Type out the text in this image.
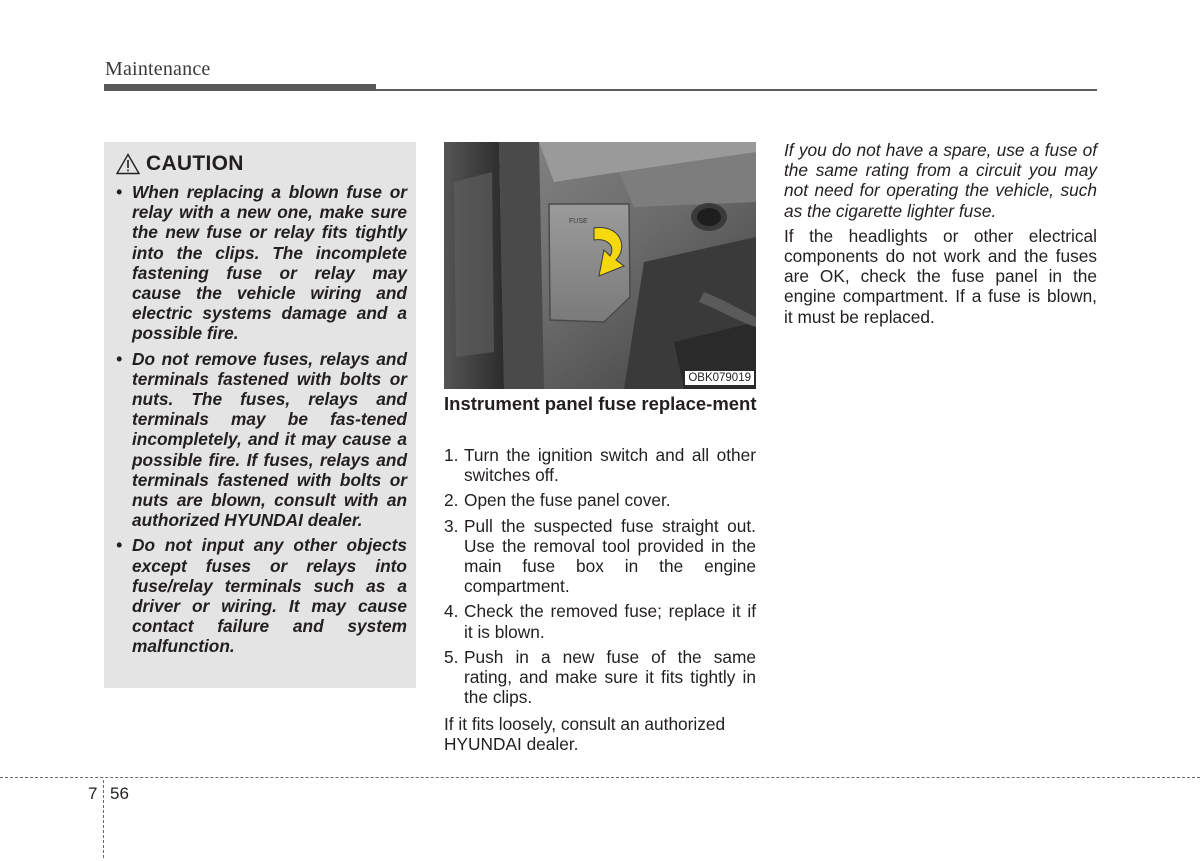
Maintenance
CAUTION
• When replacing a blown fuse or relay with a new one, make sure the new fuse or relay fits tightly into the clips. The incomplete fastening fuse or relay may cause the vehicle wiring and electric systems damage and a possible fire.
• Do not remove fuses, relays and terminals fastened with bolts or nuts. The fuses, relays and terminals may be fas-tened incompletely, and it may cause a possible fire. If fuses, relays and terminals fastened with bolts or nuts are blown, consult with an authorized HYUNDAI dealer.
• Do not input any other objects except fuses or relays into fuse/relay terminals such as a driver or wiring. It may cause contact failure and system malfunction.
FUSE
OBK079019
Instrument panel fuse replace-ment
1. Turn the ignition switch and all other switches off.
2. Open the fuse panel cover.
3. Pull the suspected fuse straight out. Use the removal tool provided in the main fuse box in the engine compartment.
4. Check the removed fuse; replace it if it is blown.
5. Push in a new fuse of the same rating, and make sure it fits tightly in the clips.
If it fits loosely, consult an authorized HYUNDAI dealer.

If you do not have a spare, use a fuse of the same rating from a circuit you may not need for operating the vehicle, such as the cigarette lighter fuse.

If the headlights or other electrical components do not work and the fuses are OK, check the fuse panel in the engine compartment. If a fuse is blown, it must be replaced.

7 56
